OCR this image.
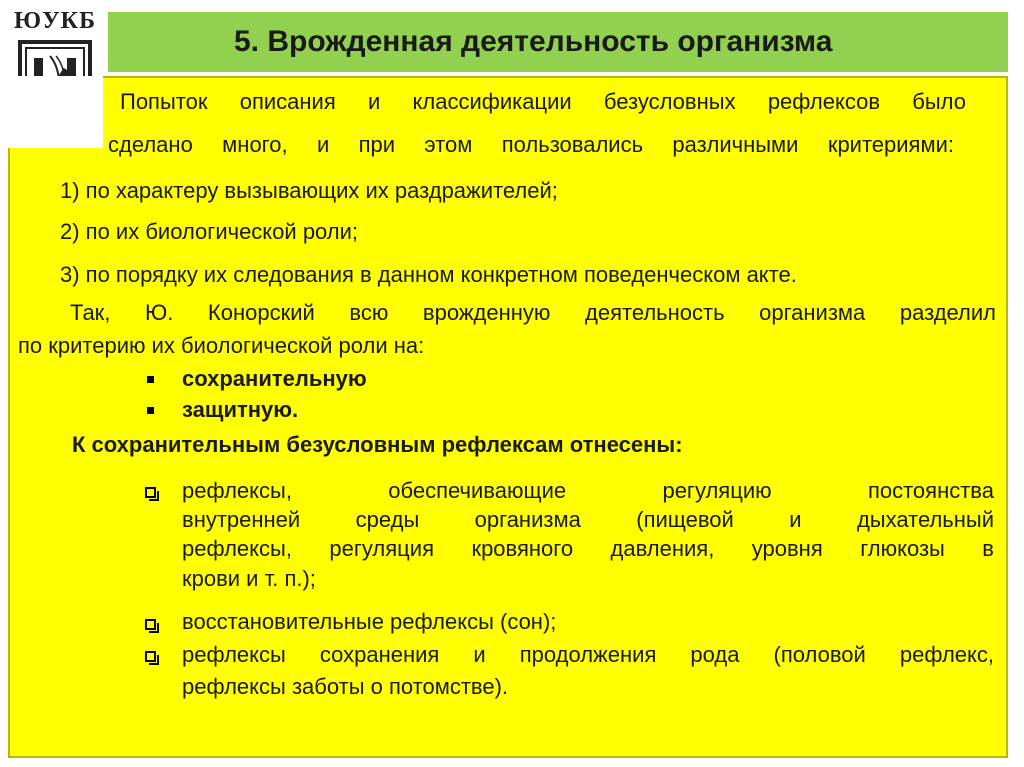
ЮУКБ
5. Врожденная деятельность организма
Попыток описания и классификации безусловных рефлексов было
сделано много, и при этом пользовались различными критериями:
1) по характеру вызывающих их раздражителей;
2) по их биологической роли;
3) по порядку их следования в данном конкретном поведенческом акте.
Так, Ю. Конорский всю врожденную деятельность организма разделил
по критерию их биологической роли на:
сохранительную
защитную.
К сохранительным безусловным рефлексам отнесены:
рефлексы, обеспечивающие регуляцию постоянства
внутренней среды организма (пищевой и дыхательный
рефлексы, регуляция кровяного давления, уровня глюкозы в
крови и т. п.);
восстановительные рефлексы (сон);
рефлексы сохранения и продолжения рода (половой рефлекс,
рефлексы заботы о потомстве).
